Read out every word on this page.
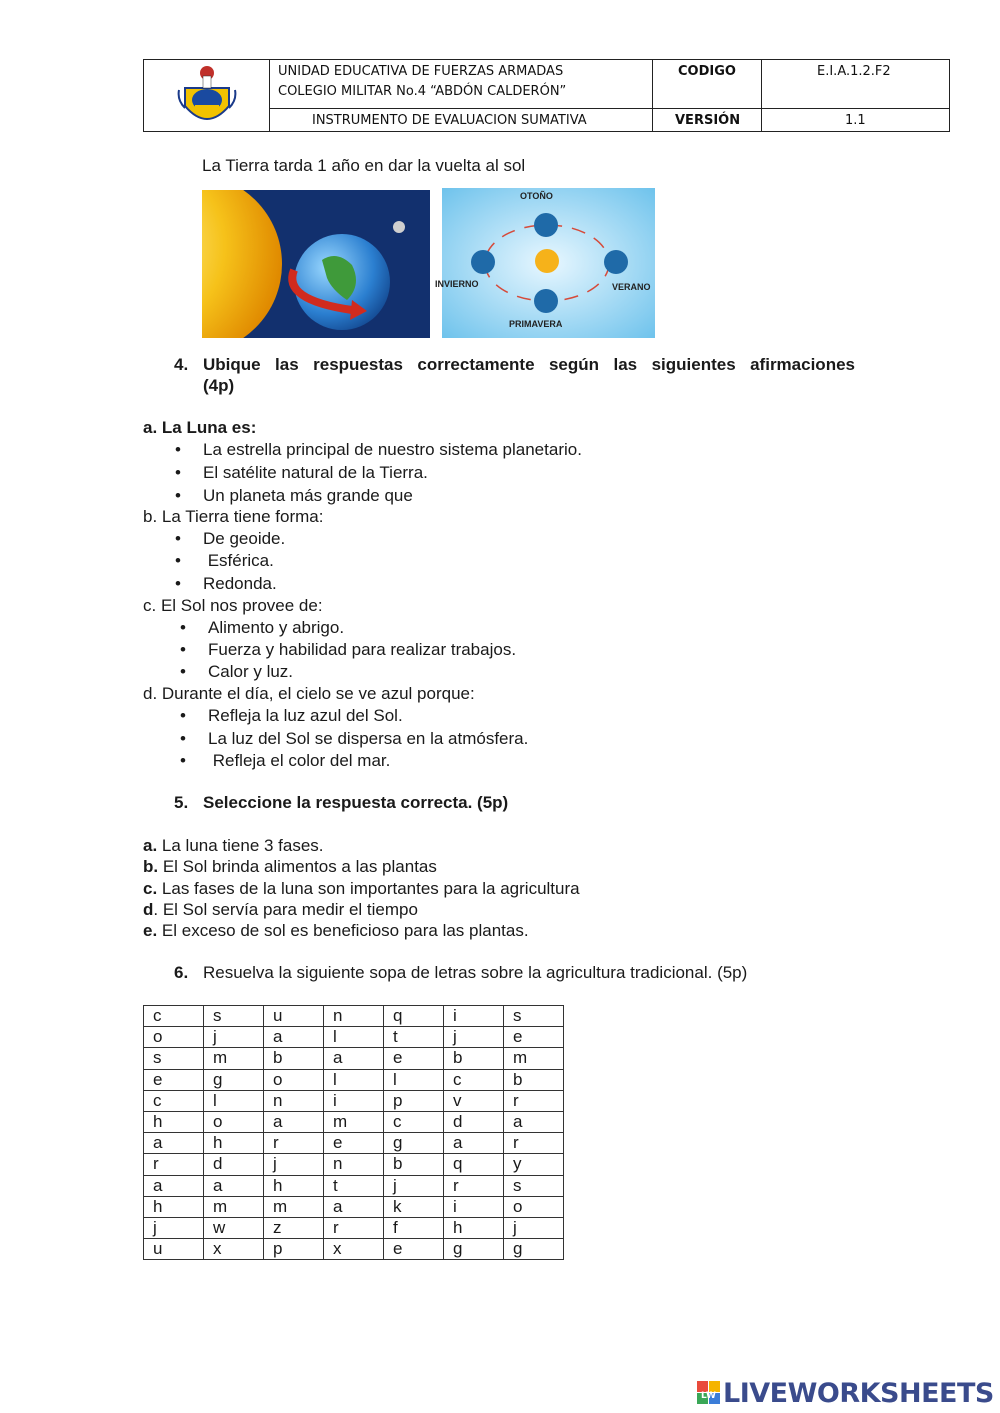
UNIDAD EDUCATIVA DE FUERZAS ARMADAS
COLEGIO MILITAR No.4 “ABDÓN CALDERÓN”
INSTRUMENTO DE EVALUACION SUMATIVA
CODIGO	E.I.A.1.2.F2
VERSIÓN	1.1

La Tierra tarda 1 año en dar la vuelta al sol

OTOÑO
INVIERNO	VERANO
PRIMAVERA
4. Ubique las respuestas correctamente según las siguientes afirmaciones
(4p)
a. La Luna es:
• La estrella principal de nuestro sistema planetario.
• El satélite natural de la Tierra.
• Un planeta más grande que

b. La Tierra tiene forma:

• De geoide.
•  Esférica.
• Redonda.

c. El Sol nos provee de:

• Alimento y abrigo.
• Fuerza y habilidad para realizar trabajos.
• Calor y luz.

d. Durante el día, el cielo se ve azul porque:

• Refleja la luz azul del Sol.
• La luz del Sol se dispersa en la atmósfera.
•  Refleja el color del mar.
5. Seleccione la respuesta correcta. (5p)

a. La luna tiene 3 fases.

b. El Sol brinda alimentos a las plantas

c. Las fases de la luna son importantes para la agricultura

d. El Sol servía para medir el tiempo

e. El exceso de sol es beneficioso para las plantas.

6. Resuelva la siguiente sopa de letras sobre la agricultura tradicional. (5p)

c	s	u	n	q	i	s
o	j	a	l	t	j	e
s	m	b	a	e	b	m
e	g	o	l	l	c	b
c	l	n	i	p	v	r
h	o	a	m	c	d	a
a	h	r	e	g	a	r
r	d	j	n	b	q	y
a	a	h	t	j	r	s
h	m	m	a	k	i	o
j	w	z	r	f	h	j
u	x	p	x	e	g	g
LW LIVEWORKSHEETS
